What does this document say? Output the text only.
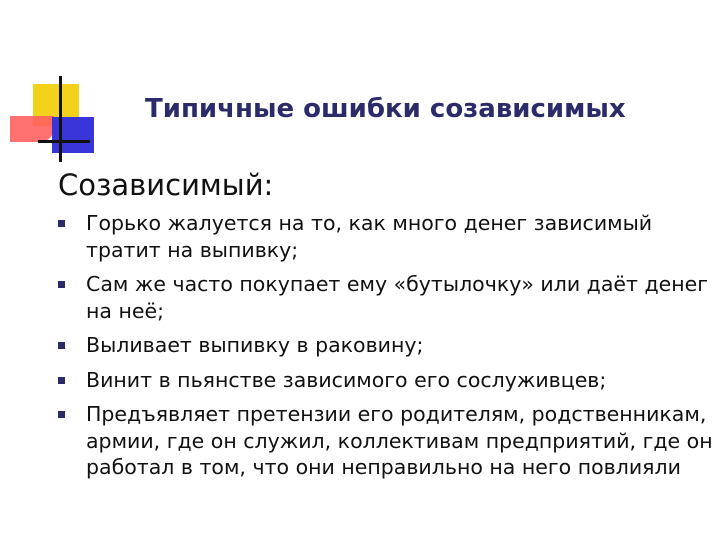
Типичные ошибки созависимых
Созависимый:
Горько жалуется на то, как много денег зависимый тратит на выпивку;
Сам же часто покупает ему «бутылочку» или даёт денег на неё;
Выливает выпивку в раковину;
Винит в пьянстве зависимого его сослуживцев;
Предъявляет претензии его родителям, родственникам, армии, где он служил, коллективам предприятий, где он работал в том, что они неправильно на него повлияли
